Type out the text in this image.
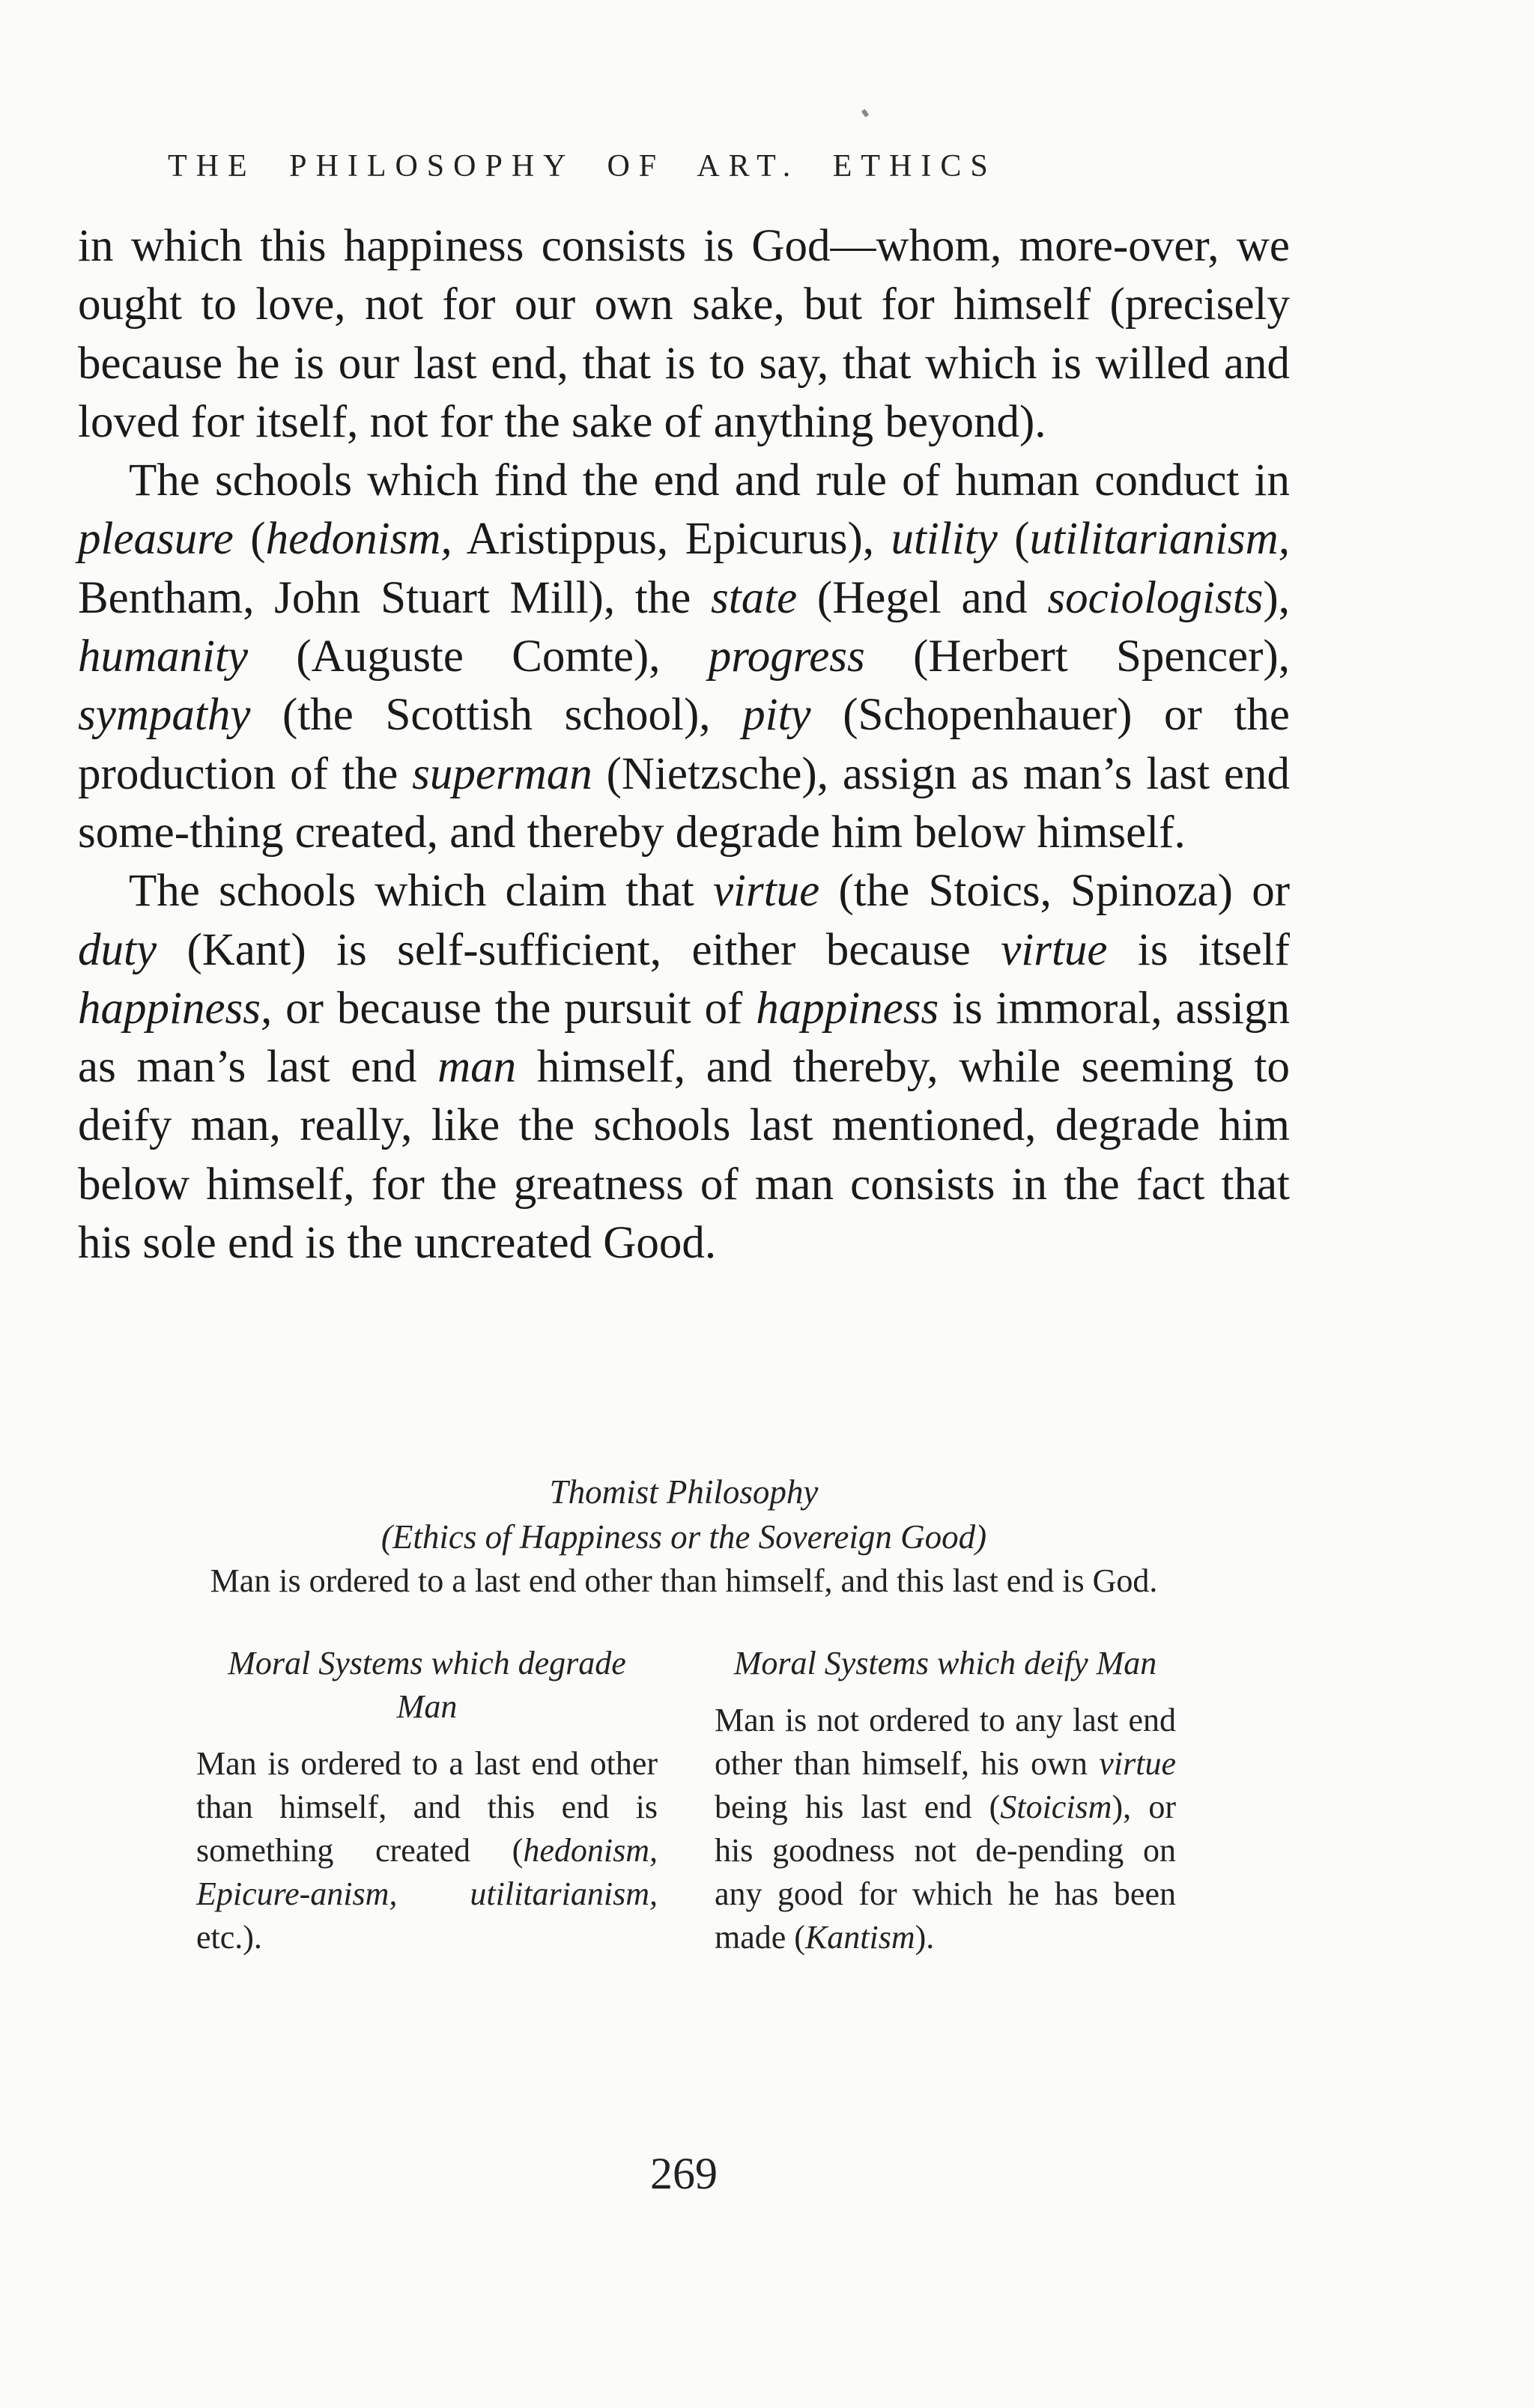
THE PHILOSOPHY OF ART. ETHICS

in which this happiness consists is God—whom, more-over, we ought to love, not for our own sake, but for himself (precisely because he is our last end, that is to say, that which is willed and loved for itself, not for the sake of anything beyond).

The schools which find the end and rule of human conduct in pleasure (hedonism, Aristippus, Epicurus), utility (utilitarianism, Bentham, John Stuart Mill), the state (Hegel and sociologists), humanity (Auguste Comte), progress (Herbert Spencer), sympathy (the Scottish school), pity (Schopenhauer) or the production of the superman (Nietzsche), assign as man’s last end some-thing created, and thereby degrade him below himself.

The schools which claim that virtue (the Stoics, Spinoza) or duty (Kant) is self-sufficient, either because virtue is itself happiness, or because the pursuit of happiness is immoral, assign as man’s last end man himself, and thereby, while seeming to deify man, really, like the schools last mentioned, degrade him below himself, for the greatness of man consists in the fact that his sole end is the uncreated Good.

Thomist Philosophy
(Ethics of Happiness or the Sovereign Good)
Man is ordered to a last end other than himself, and this last end is God.
Moral Systems which degrade Man
Man is ordered to a last end other than himself, and this end is something created (hedonism, Epicure-anism, utilitarianism, etc.).
Moral Systems which deify Man
Man is not ordered to any last end other than himself, his own virtue being his last end (Stoicism), or his goodness not de-pending on any good for which he has been made (Kantism).
269
